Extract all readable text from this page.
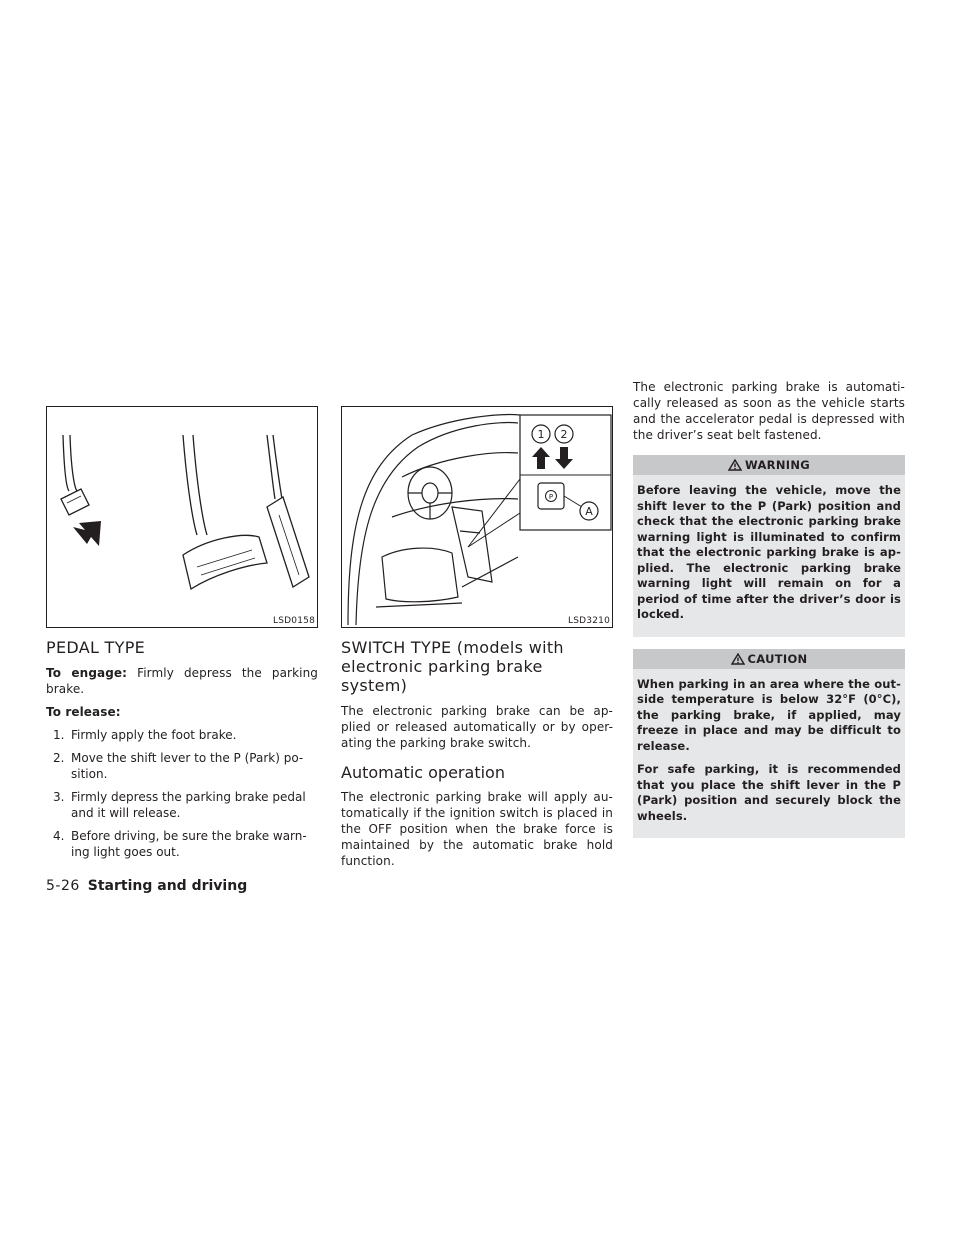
LSD0158
PEDAL TYPE

To engage: Firmly depress the parking brake.

To release:

1. Firmly apply the foot brake.
2. Move the shift lever to the P (Park) po-sition.
3. Firmly depress the parking brake pedal and it will release.
4. Before driving, be sure the brake warn-ing light goes out.
1 2
P
A
LSD3210
SWITCH TYPE (models with electronic parking brake system)

The electronic parking brake can be ap-plied or released automatically or by oper-ating the parking brake switch.

Automatic operation

The electronic parking brake will apply au-tomatically if the ignition switch is placed in the OFF position when the brake force is maintained by the automatic brake hold function.

The electronic parking brake is automati-cally released as soon as the vehicle starts and the accelerator pedal is depressed with the driver’s seat belt fastened.

WARNING

Before leaving the vehicle, move the shift lever to the P (Park) position and check that the electronic parking brake warning light is illuminated to confirm that the electronic parking brake is ap-plied. The electronic parking brake warning light will remain on for a period of time after the driver’s door is locked.

CAUTION

When parking in an area where the out-side temperature is below 32°F (0°C), the parking brake, if applied, may freeze in place and may be difficult to release.

For safe parking, it is recommended that you place the shift lever in the P (Park) position and securely block the wheels.

5-26 Starting and driving
